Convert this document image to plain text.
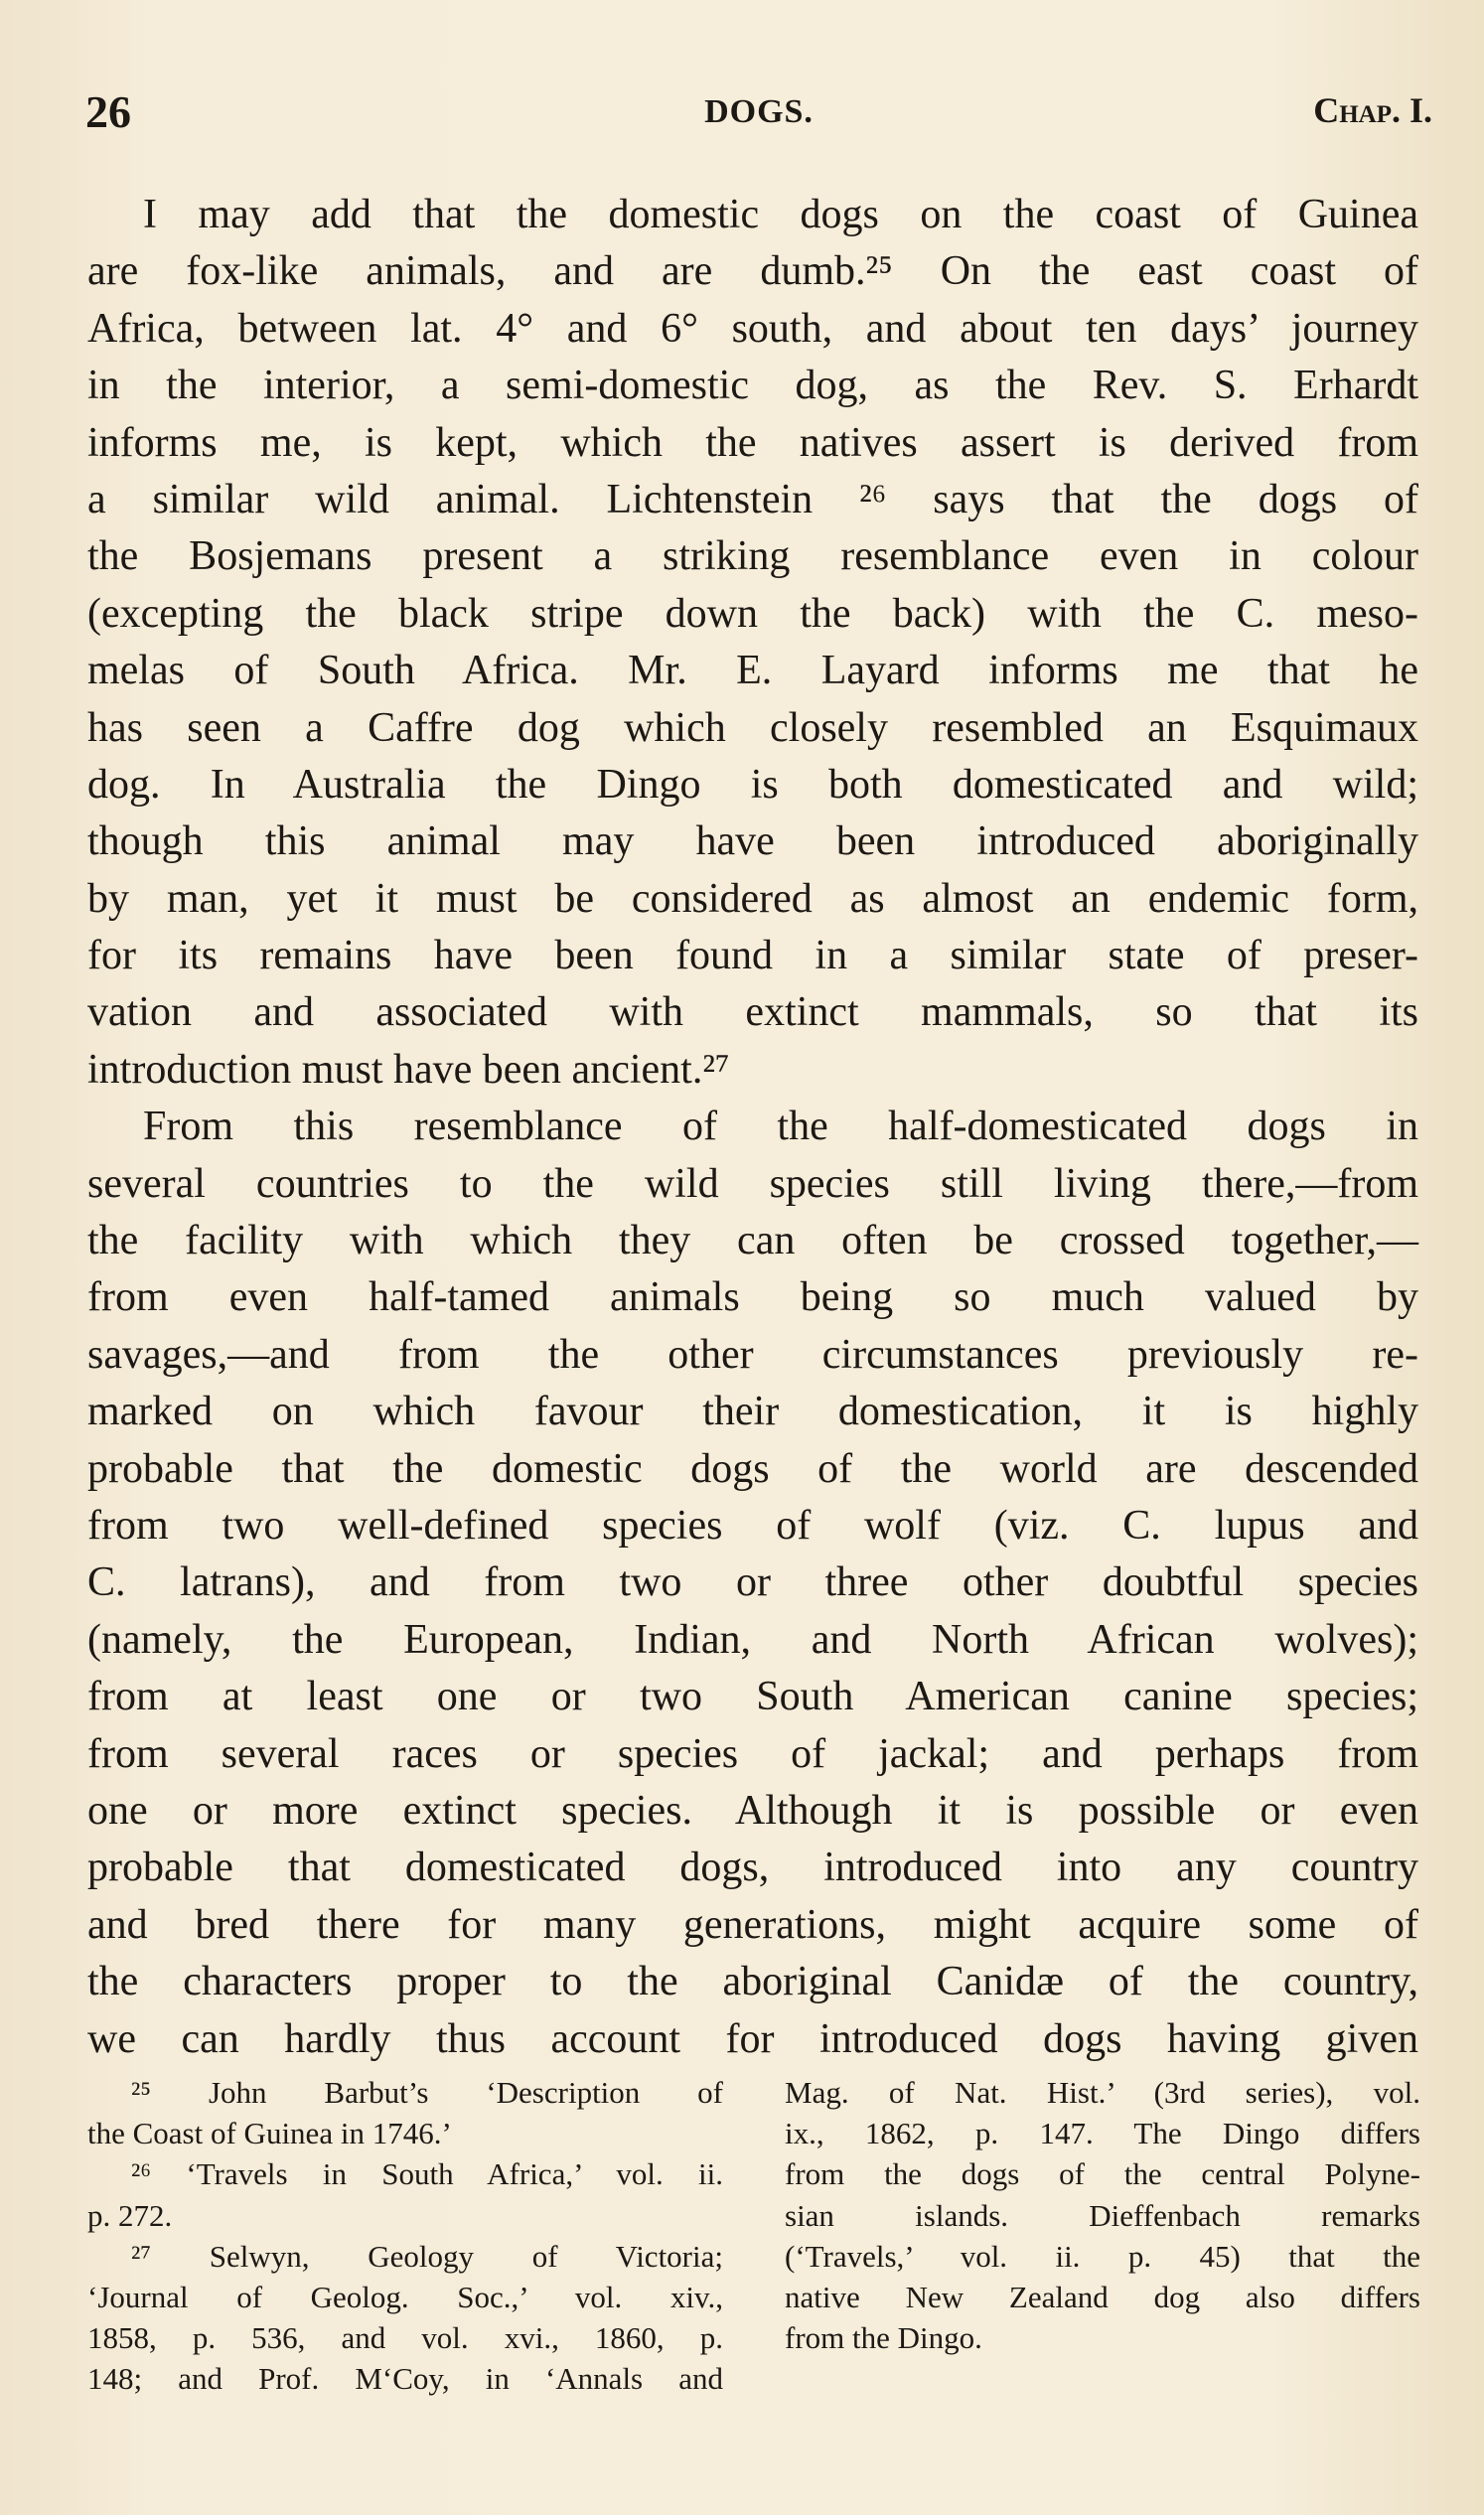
26	DOGS.	Chap. I.
I may add that the domestic dogs on the coast of Guinea
are fox-like animals, and are dumb.²⁵ On the east coast of
Africa, between lat. 4° and 6° south, and about ten days’ journey
in the interior, a semi-domestic dog, as the Rev. S. Erhardt
informs me, is kept, which the natives assert is derived from
a similar wild animal. Lichtenstein ²⁶ says that the dogs of
the Bosjemans present a striking resemblance even in colour
(excepting the black stripe down the back) with the C. meso-
melas of South Africa. Mr. E. Layard informs me that he
has seen a Caffre dog which closely resembled an Esquimaux
dog. In Australia the Dingo is both domesticated and wild;
though this animal may have been introduced aboriginally
by man, yet it must be considered as almost an endemic form,
for its remains have been found in a similar state of preser-
vation and associated with extinct mammals, so that its
introduction must have been ancient.²⁷
From this resemblance of the half-domesticated dogs in
several countries to the wild species still living there,—from
the facility with which they can often be crossed together,—
from even half-tamed animals being so much valued by
savages,—and from the other circumstances previously re-
marked on which favour their domestication, it is highly
probable that the domestic dogs of the world are descended
from two well-defined species of wolf (viz. C. lupus and
C. latrans), and from two or three other doubtful species
(namely, the European, Indian, and North African wolves);
from at least one or two South American canine species;
from several races or species of jackal; and perhaps from
one or more extinct species. Although it is possible or even
probable that domesticated dogs, introduced into any country
and bred there for many generations, might acquire some of
the characters proper to the aboriginal Canidæ of the country,
we can hardly thus account for introduced dogs having given
²⁵ John Barbut’s ‘Description of
the Coast of Guinea in 1746.’
²⁶ ‘Travels in South Africa,’ vol. ii.
p. 272.
²⁷ Selwyn, Geology of Victoria;
‘Journal of Geolog. Soc.,’ vol. xiv.,
1858, p. 536, and vol. xvi., 1860, p.
148; and Prof. M‘Coy, in ‘Annals and
Mag. of Nat. Hist.’ (3rd series), vol.
ix., 1862, p. 147. The Dingo differs
from the dogs of the central Polyne-
sian islands. Dieffenbach remarks
(‘Travels,’ vol. ii. p. 45) that the
native New Zealand dog also differs
from the Dingo.
